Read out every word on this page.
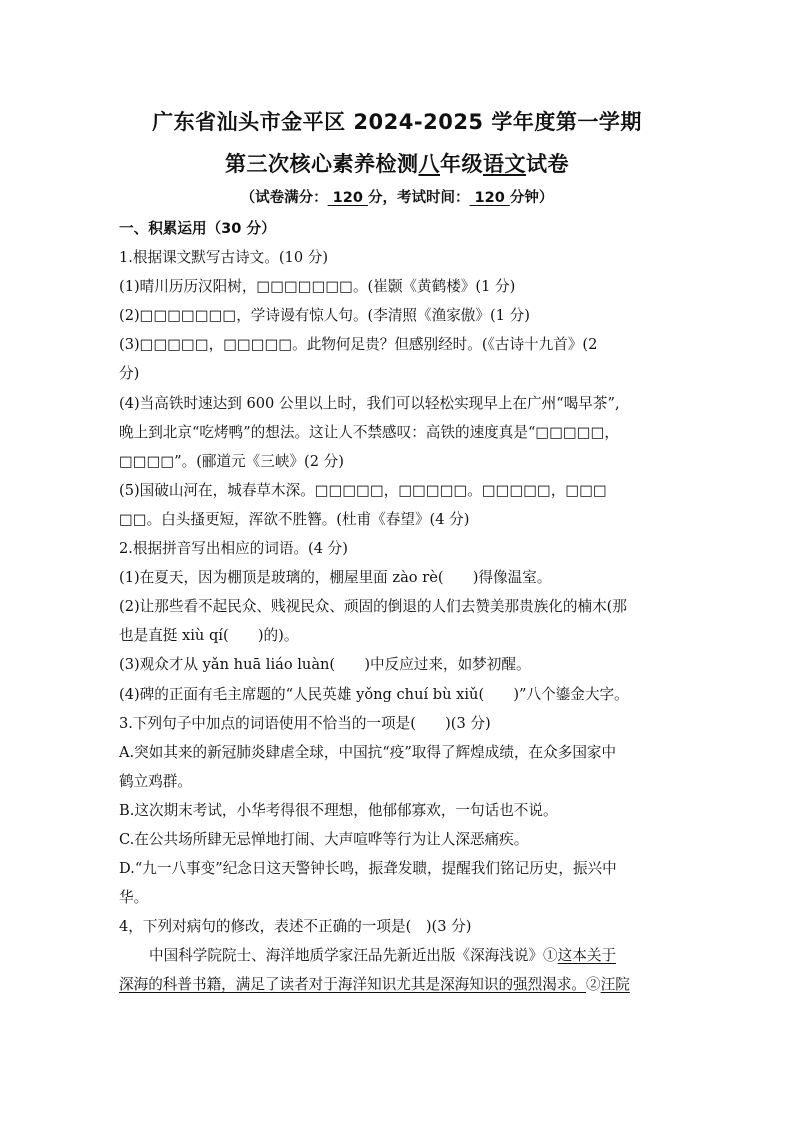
广东省汕头市金平区 2024-2025 学年度第一学期
第三次核心素养检测八年级语文试卷
（试卷满分： 120 分，考试时间： 120 分钟）
一、积累运用（30 分）
1.根据课文默写古诗文。(10 分)
(1)晴川历历汉阳树，□□□□□□□。(崔颢《黄鹤楼》(1 分)
(2)□□□□□□□，学诗谩有惊人句。(李清照《渔家傲》(1 分)
(3)□□□□□，□□□□□。此物何足贵？但感别经时。(《古诗十九首》(2
分)
(4)当高铁时速达到 600 公里以上时，我们可以轻松实现早上在广州“喝早茶”,
晚上到北京“吃烤鸭”的想法。这让人不禁感叹：高铁的速度真是“□□□□□，
□□□□”。(郦道元《三峡》(2 分)
(5)国破山河在，城春草木深。□□□□□，□□□□□。□□□□□，□□□
□□。白头搔更短，浑欲不胜簪。(杜甫《春望》(4 分)
2.根据拼音写出相应的词语。(4 分)
(1)在夏天，因为棚顶是玻璃的，棚屋里面 zào rè(　　)得像温室。
(2)让那些看不起民众、贱视民众、顽固的倒退的人们去赞美那贵族化的楠木(那
也是直挺 xiù qí(　　)的)。
(3)观众才从 yǎn huā liáo luàn(　　)中反应过来，如梦初醒。
(4)碑的正面有毛主席题的“人民英雄 yǒng chuí bù xiǔ(　　)”八个鎏金大字。
3.下列句子中加点的词语使用不恰当的一项是(　　)(3 分)
A.突如其来的新冠肺炎肆虐全球，中国抗“疫”取得了辉煌成绩，在众多国家中
鹤立鸡群。
B.这次期末考试，小华考得很不理想，他郁郁寡欢，一句话也不说。
C.在公共场所肆无忌惮地打闹、大声喧哗等行为让人深恶痛疾。
D.“九一八事变”纪念日这天警钟长鸣，振聋发聩，提醒我们铭记历史，振兴中
华。
4，下列对病句的修改，表述不正确的一项是(　)(3 分)
中国科学院院士、海洋地质学家汪品先新近出版《深海浅说》①这本关于
深海的科普书籍，满足了读者对于海洋知识尤其是深海知识的强烈渴求。②汪院
